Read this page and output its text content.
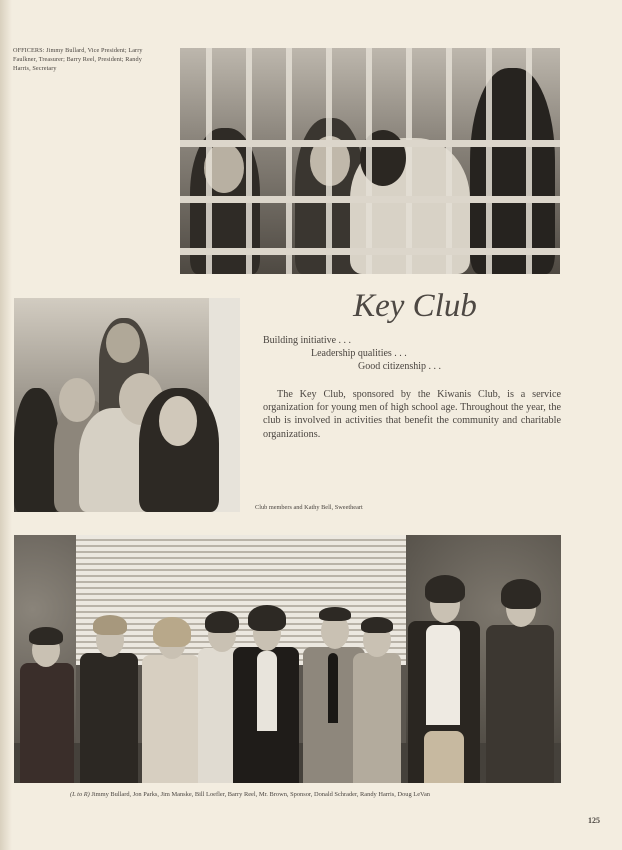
OFFICERS: Jimmy Bullard, Vice President; Larry Faulkner, Treasurer; Barry Reel, President; Randy Harris, Secretary
Key Club
Building initiative . . .
Leadership qualities . . .
Good citizenship . . .
The Key Club, sponsored by the Kiwanis Club, is a service organization for young men of high school age. Throughout the year, the club is involved in activities that benefit the community and charitable organizations.
Club members and Kathy Bell, Sweetheart
(L to R) Jimmy Bullard, Jon Parks, Jim Manske, Bill Loefler, Barry Reel, Mr. Brown, Sponsor, Donald Schrader, Randy Harris, Doug LeVan
125
